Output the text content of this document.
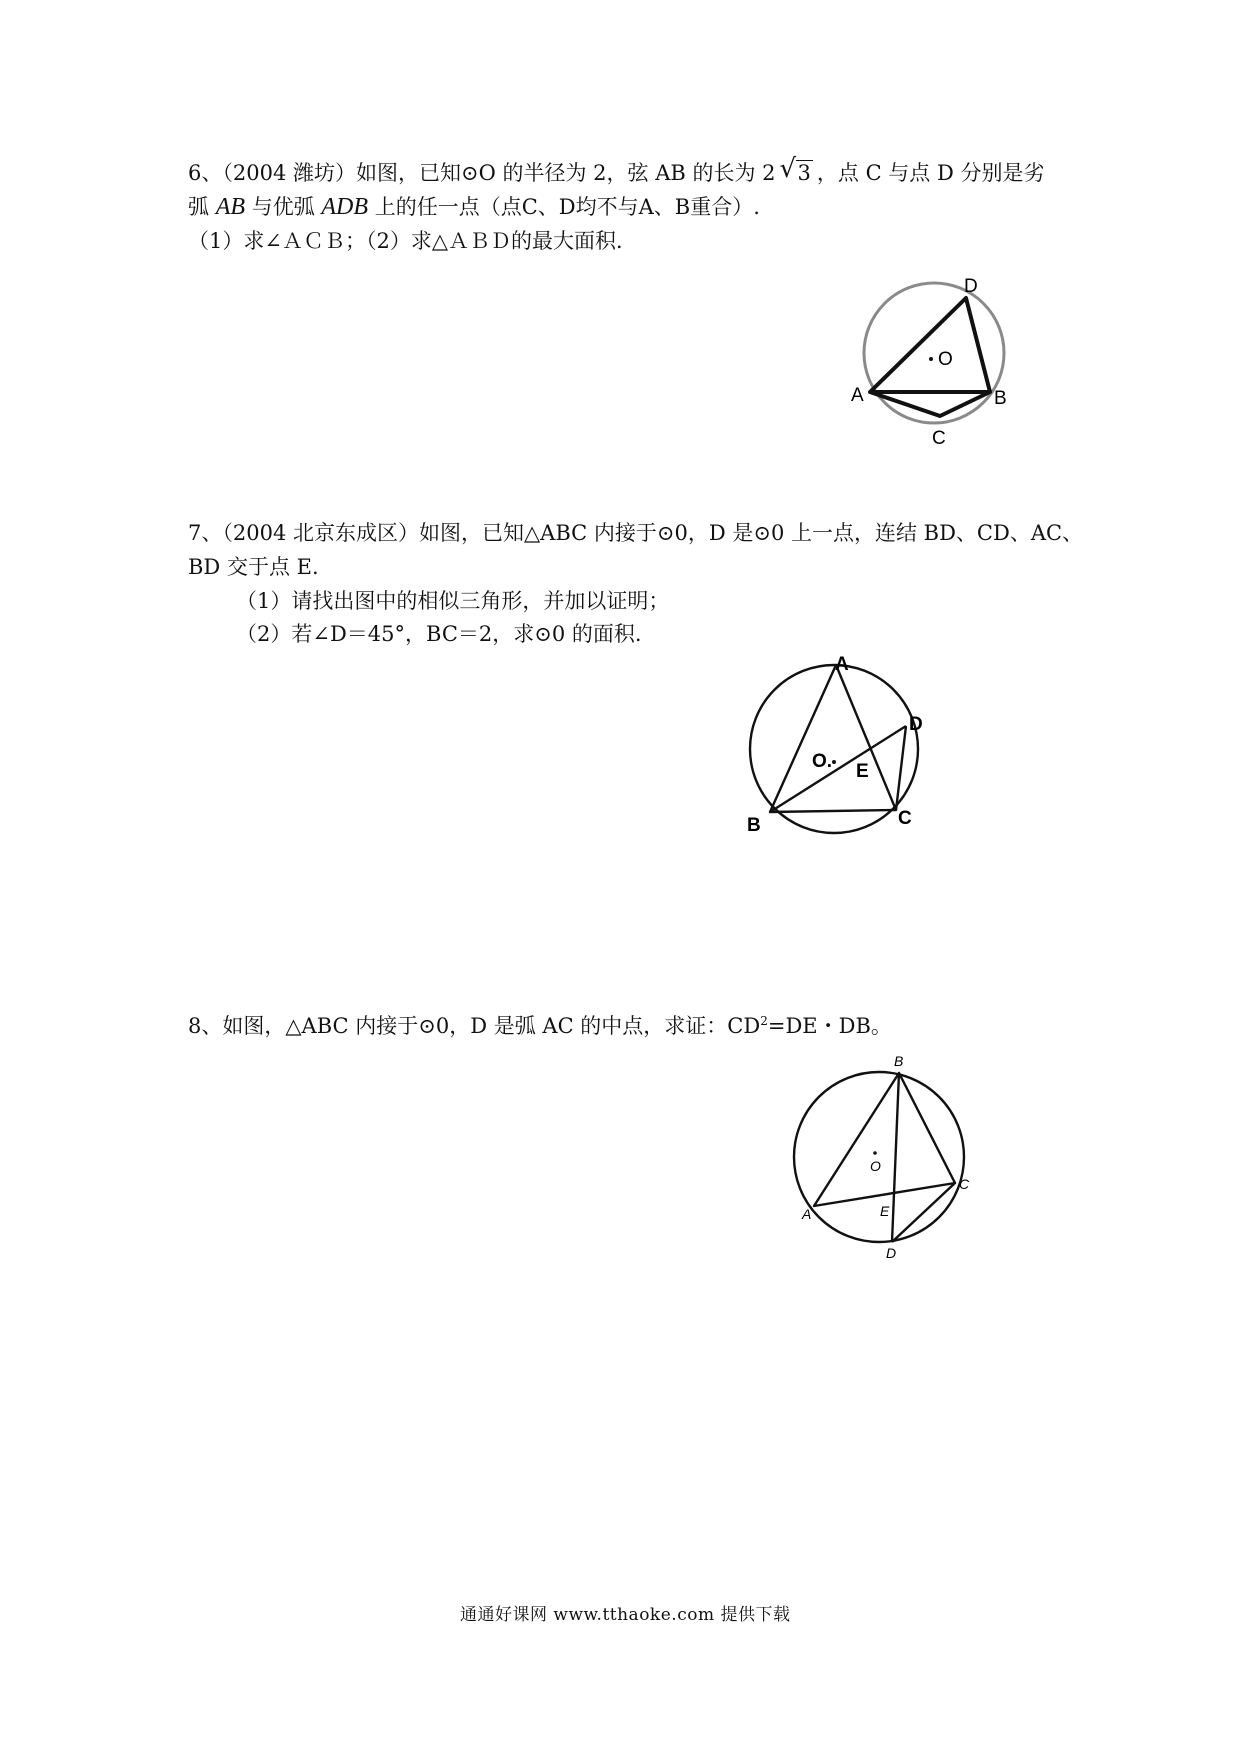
6、（2004 潍坊）如图，已知⊙O 的半径为 2，弦 AB 的长为 2 √ 3 ，点 C 与点 D 分别是劣
弧 AB 与优弧 ADB 上的任一点（点C、D均不与A、B重合）.
（1）求∠ＡＣＢ；（2）求△ＡＢＤ的最大面积．
O
D
A	B
C
7、（2004 北京东成区）如图，已知△ABC 内接于⊙0，D 是⊙0 上一点，连结 BD、CD、AC、
BD 交于点 E.
（1）请找出图中的相似三角形，并加以证明；
（2）若∠D＝45°，BC＝2，求⊙0 的面积.
A
D
O. E
B	C
8、如图，△ABC 内接于⊙0，D 是弧 AC 的中点，求证：$CD^2=DE$・DB。
B
O
C
A	E
D
通通好课网 www.tthaoke.com 提供下载
